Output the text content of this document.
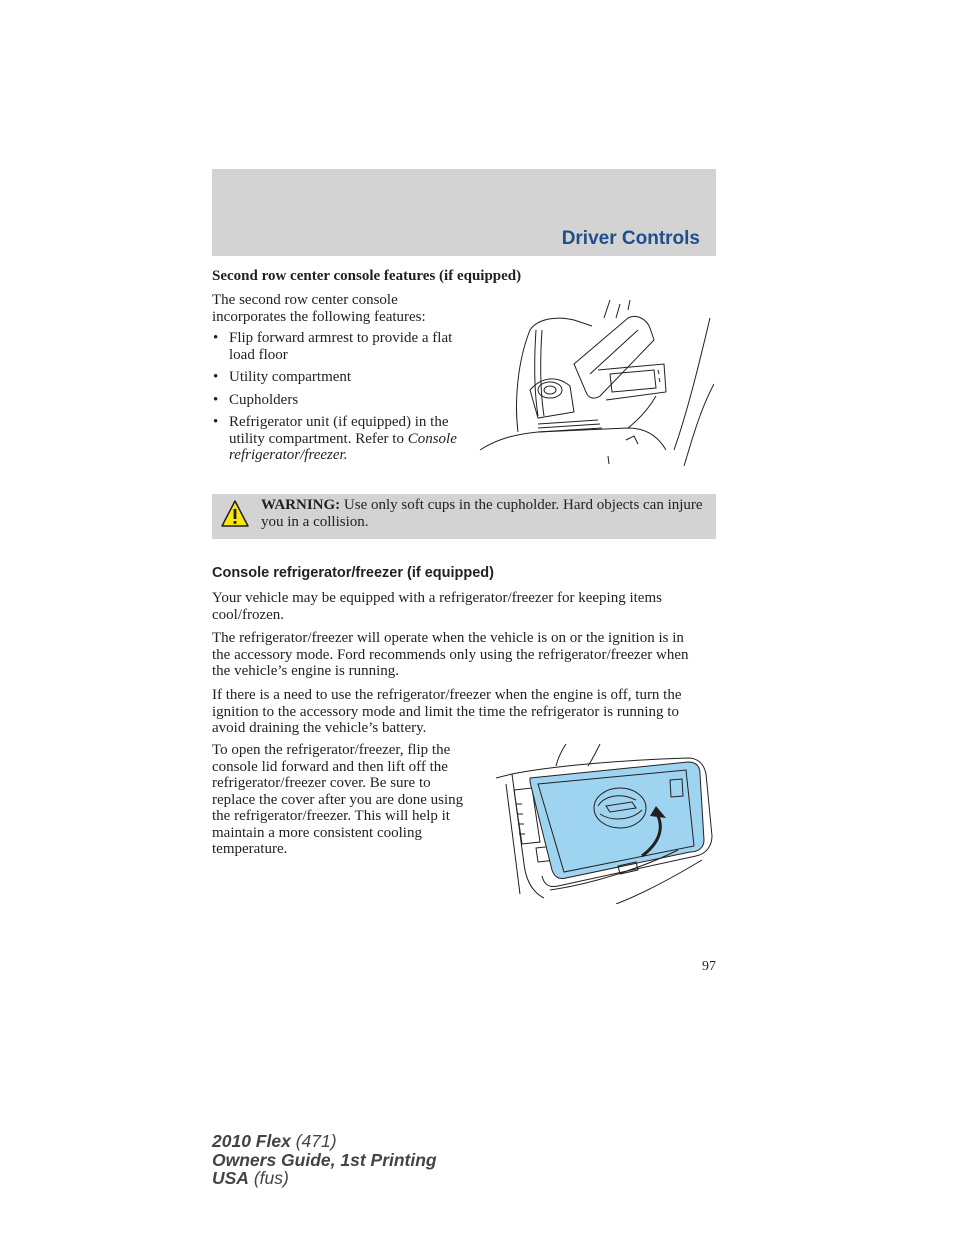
Driver Controls
Second row center console features (if equipped)

The second row center console incorporates the following features:

• Flip forward armrest to provide a flat load floor
• Utility compartment
• Cupholders
• Refrigerator unit (if equipped) in the utility compartment. Refer to Console refrigerator/freezer.
WARNING: Use only soft cups in the cupholder. Hard objects can injure you in a collision.
Console refrigerator/freezer (if equipped)

Your vehicle may be equipped with a refrigerator/freezer for keeping items cool/frozen.

The refrigerator/freezer will operate when the vehicle is on or the ignition is in the accessory mode. Ford recommends only using the refrigerator/freezer when the vehicle’s engine is running.

If there is a need to use the refrigerator/freezer when the engine is off, turn the ignition to the accessory mode and limit the time the refrigerator is running to avoid draining the vehicle’s battery.

To open the refrigerator/freezer, flip the console lid forward and then lift off the refrigerator/freezer cover. Be sure to replace the cover after you are done using the refrigerator/freezer. This will help it maintain a more consistent cooling temperature.

97
2010 Flex (471)
Owners Guide, 1st Printing
USA (fus)
